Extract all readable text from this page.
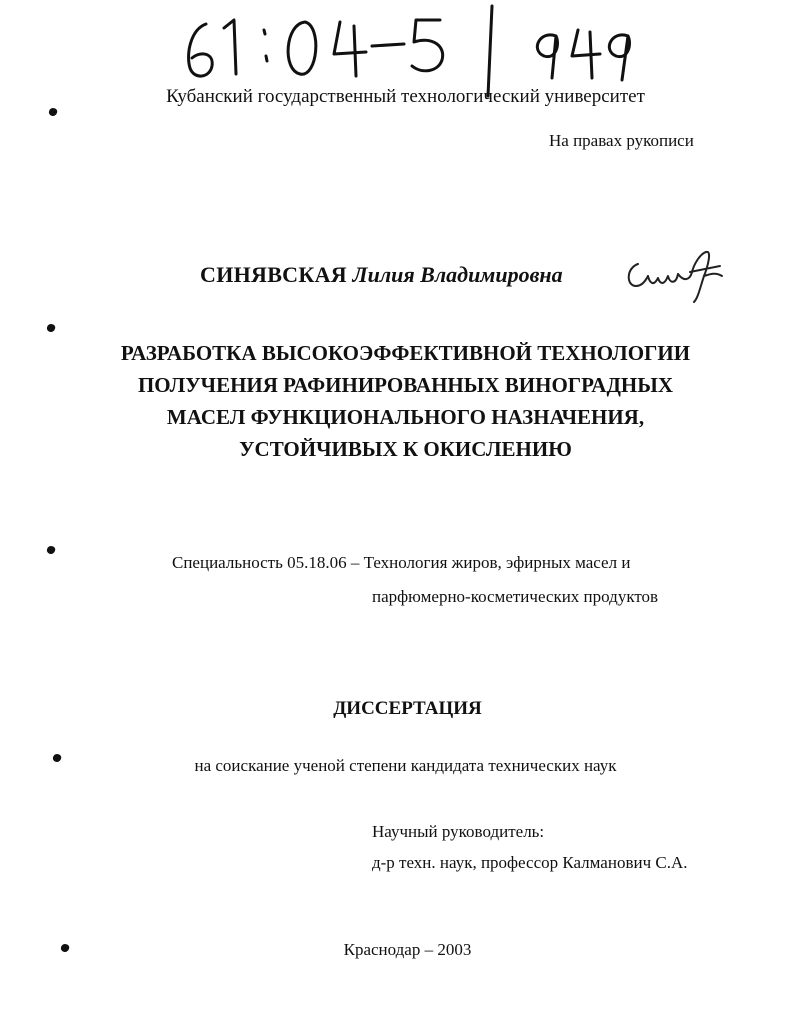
Кубанский государственный технологический университет
На правах рукописи
СИНЯВСКАЯ Лилия Владимировна
РАЗРАБОТКА ВЫСОКОЭФФЕКТИВНОЙ ТЕХНОЛОГИИ
ПОЛУЧЕНИЯ РАФИНИРОВАННЫХ ВИНОГРАДНЫХ
МАСЕЛ ФУНКЦИОНАЛЬНОГО НАЗНАЧЕНИЯ,
УСТОЙЧИВЫХ К ОКИСЛЕНИЮ
Специальность 05.18.06 – Технология жиров, эфирных масел и
парфюмерно-косметических продуктов
ДИССЕРТАЦИЯ
на соискание ученой степени кандидата технических наук
Научный руководитель:
д-р техн. наук, профессор Калманович С.А.
Краснодар – 2003
